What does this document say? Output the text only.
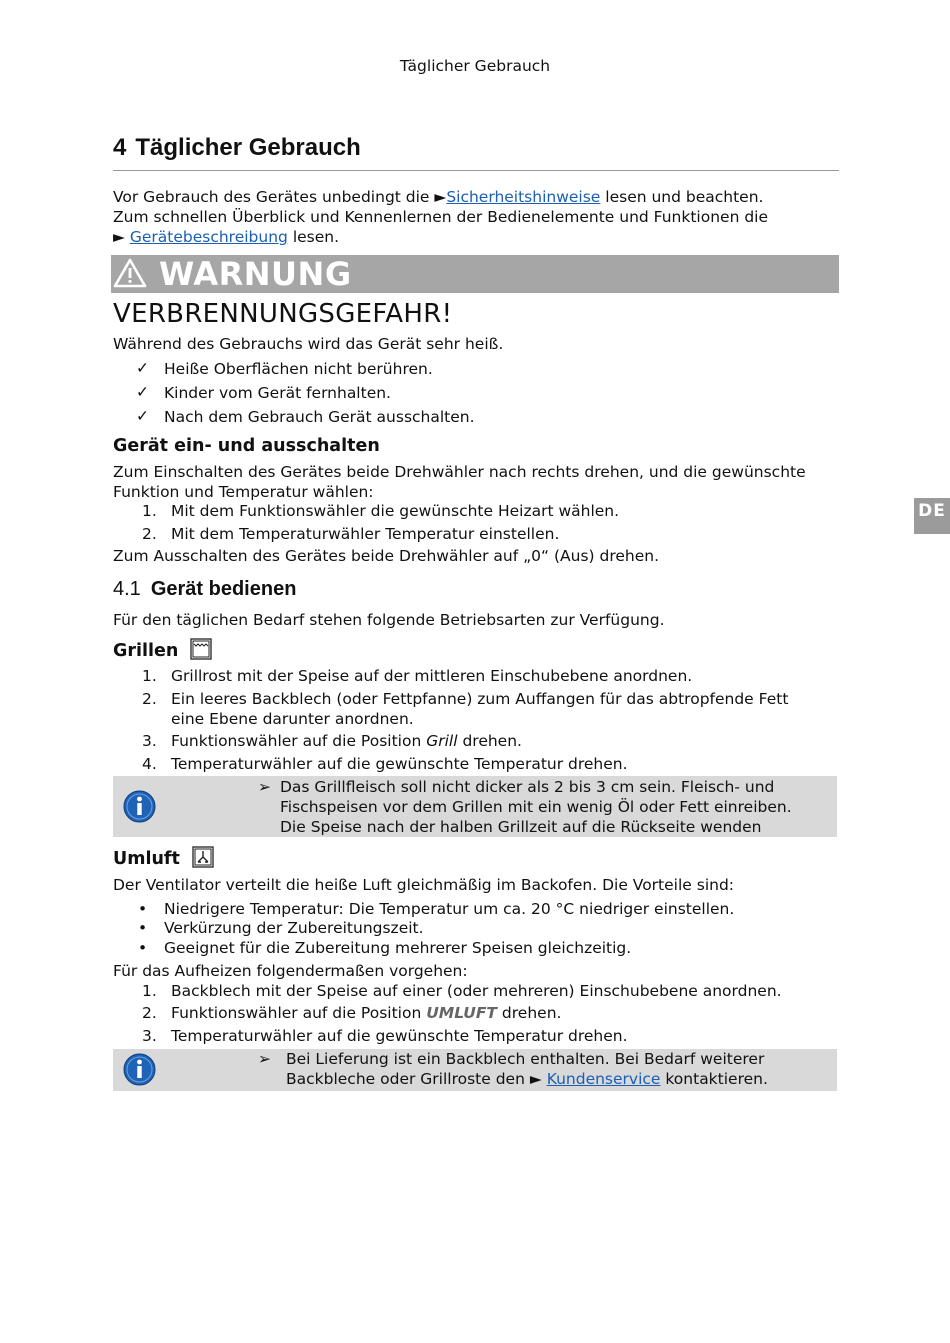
Täglicher Gebrauch
4 Täglicher Gebrauch
Vor Gebrauch des Gerätes unbedingt die ►Sicherheitshinweise lesen und beachten.
Zum schnellen Überblick und Kennenlernen der Bedienelemente und Funktionen die
► Gerätebeschreibung lesen.
WARNUNG
VERBRENNUNGSGEFAHR!
Während des Gebrauchs wird das Gerät sehr heiß.
✓ Heiße Oberflächen nicht berühren.
✓ Kinder vom Gerät fernhalten.
✓ Nach dem Gebrauch Gerät ausschalten.
Gerät ein- und ausschalten
Zum Einschalten des Gerätes beide Drehwähler nach rechts drehen, und die gewünschte
Funktion und Temperatur wählen:
1. Mit dem Funktionswähler die gewünschte Heizart wählen.
2. Mit dem Temperaturwähler Temperatur einstellen.
Zum Ausschalten des Gerätes beide Drehwähler auf „0“ (Aus) drehen.
DE
4.1 Gerät bedienen
Für den täglichen Bedarf stehen folgende Betriebsarten zur Verfügung.
Grillen
1. Grillrost mit der Speise auf der mittleren Einschubebene anordnen.
2. Ein leeres Backblech (oder Fettpfanne) zum Auffangen für das abtropfende Fett
eine Ebene darunter anordnen.
3. Funktionswähler auf die Position Grill drehen.
4. Temperaturwähler auf die gewünschte Temperatur drehen.
➢ Das Grillfleisch soll nicht dicker als 2 bis 3 cm sein. Fleisch- und
Fischspeisen vor dem Grillen mit ein wenig Öl oder Fett einreiben.
Die Speise nach der halben Grillzeit auf die Rückseite wenden
Umluft
Der Ventilator verteilt die heiße Luft gleichmäßig im Backofen. Die Vorteile sind:
• Niedrigere Temperatur: Die Temperatur um ca. 20 °C niedriger einstellen.
• Verkürzung der Zubereitungszeit.
• Geeignet für die Zubereitung mehrerer Speisen gleichzeitig.
Für das Aufheizen folgendermaßen vorgehen:
1. Backblech mit der Speise auf einer (oder mehreren) Einschubebene anordnen.
2. Funktionswähler auf die Position UMLUFT drehen.
3. Temperaturwähler auf die gewünschte Temperatur drehen.
➢ Bei Lieferung ist ein Backblech enthalten. Bei Bedarf weiterer
Backbleche oder Grillroste den ► Kundenservice kontaktieren.
